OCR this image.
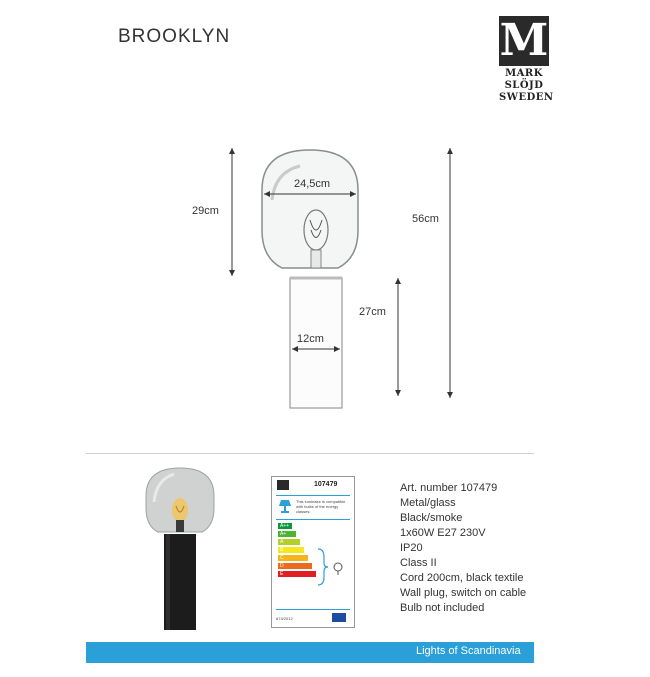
BROOKLYN	M
MARK
SLÖJD
SWEDEN
24,5cm
29cm
56cm
27cm
12cm
107479
This luminaire is compatible with bulbs of the energy classes:
874/2012
A++
A+
A
B
C
D
E
Art. number 107479
Metal/glass
Black/smoke
1x60W E27 230V
IP20
Class II
Cord 200cm, black textile
Wall plug, switch on cable
Bulb not included
Lights of Scandinavia
